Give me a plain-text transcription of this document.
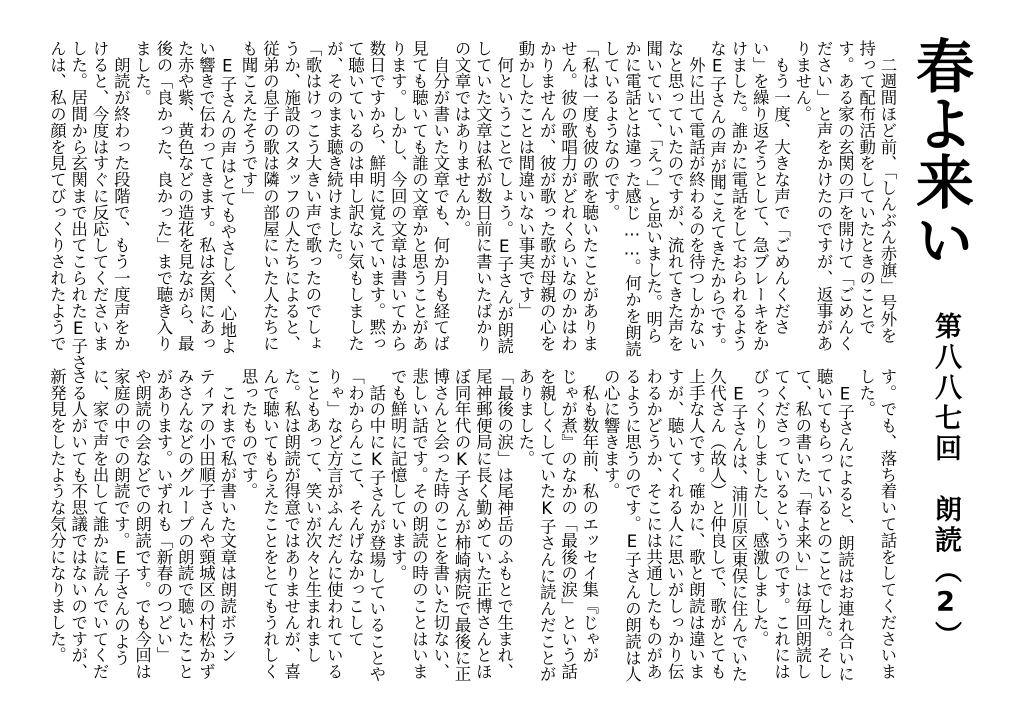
春よ来い
第八八七回　朗読（2）
　二週間ほど前、「しんぶん赤旗」号外を
持って配布活動をしていたときのことで
す。ある家の玄関の戸を開けて「ごめんく
ださい」と声をかけたのですが、返事があ
りません。
　もう一度、大きな声で「ごめんくださ
い」を繰り返そうとして、急ブレーキをか
けました。誰かに電話をしておられるよう
なE子さんの声が聞こえてきたからです。
　外に出て電話が終わるのを待つしかない
なと思っていたのですが、流れてきた声を
聞いていて、「えっ」と思いました。明ら
かに電話とは違った感じ……。何かを朗読
しているようなのです。
「私は一度も彼の歌を聴いたことがありま
せん。彼の歌唱力がどれくらいなのかはわ
かりませんが、彼が歌った歌が母親の心を
動かしたことは間違いない事実です」
　何ということでしょう。E子さんが朗読
していた文章は私が数日前に書いたばかり
の文章ではありませんか。
　自分が書いた文章でも、何か月も経てば
見ても聴いても誰の文章かと思うことがあ
ります。しかし、今回の文章は書いてから
数日ですから、鮮明に覚えています。黙っ
て聴いているのは申し訳ない気もしました
が、そのまま聴き続けました。
「歌はけっこう大きい声で歌ったのでしょ
うか、施設のスタッフの人たちによると、
従弟の息子の歌は隣の部屋にいた人たちに
も聞こえたそうです」
　E子さんの声はとてもやさしく、心地よ
い響きで伝わってきます。私は玄関にあっ
た赤や紫、黄色などの造花を見ながら、最
後の「良かった、良かった」まで聴き入り
ました。
　朗読が終わった段階で、もう一度声をか
けると、今度はすぐに反応してくださいま
した。居間から玄関まで出てこられたE子さ
んは、私の顔を見てびっくりされたようで
す。でも、落ち着いて話をしてくださいま
した。
　E子さんによると、朗読はお連れ合いに
聴いてもらっているとのことでした。そし
て、私の書いた「春よ来い」は毎回朗読し
てくださっているというのです。これには
びっくりしましたし、感激しました。
　E子さんは、浦川原区東俣に住んでいた
久代さん（故人）と仲良しで、歌がとても
上手な人です。確かに、歌と朗読は違いま
すが、聴いてくれる人に思いがしっかり伝
わるかどうか、そこには共通したものがあ
るように思うのです。E子さんの朗読は人
の心に響きます。
　私も数年前、私のエッセイ集『じゃが
じゃが煮』のなかの「最後の涙」という話
を親しくしていたK子さんに読んだことが
ありました。
「最後の涙」は尾神岳のふもとで生まれ、
尾神郵便局に長く勤めていた正博さんとほ
ぼ同年代のK子さんが柿崎病院で最後に正
博さんと会った時のことを書いた切ない、
悲しい話です。その朗読の時のことはいま
でも鮮明に記憶しています。
　話の中にK子さんが登場していることや
「わからんこて、そんげなかっこして
りゃ」など方言がふんだんに使われている
こともあって、笑いが次々と生まれまし
た。私は朗読が得意ではありませんが、喜
んで聴いてもらえたことをとてもうれしく
思ったものです。
　これまで私が書いた文章は朗読ボラン
ティアの小田順子さんや頸城区の村松かず
みさんなどのグループの朗読で聴いたこと
があります。いずれも「新春のつどい」
や朗読の会などでの朗読です。でも今回は
家庭の中での朗読です。E子さんのよう
に、家で声を出して誰かに読んでいてくだ
さる人がいても不思議ではないのですが、
新発見をしたような気分になりました。
